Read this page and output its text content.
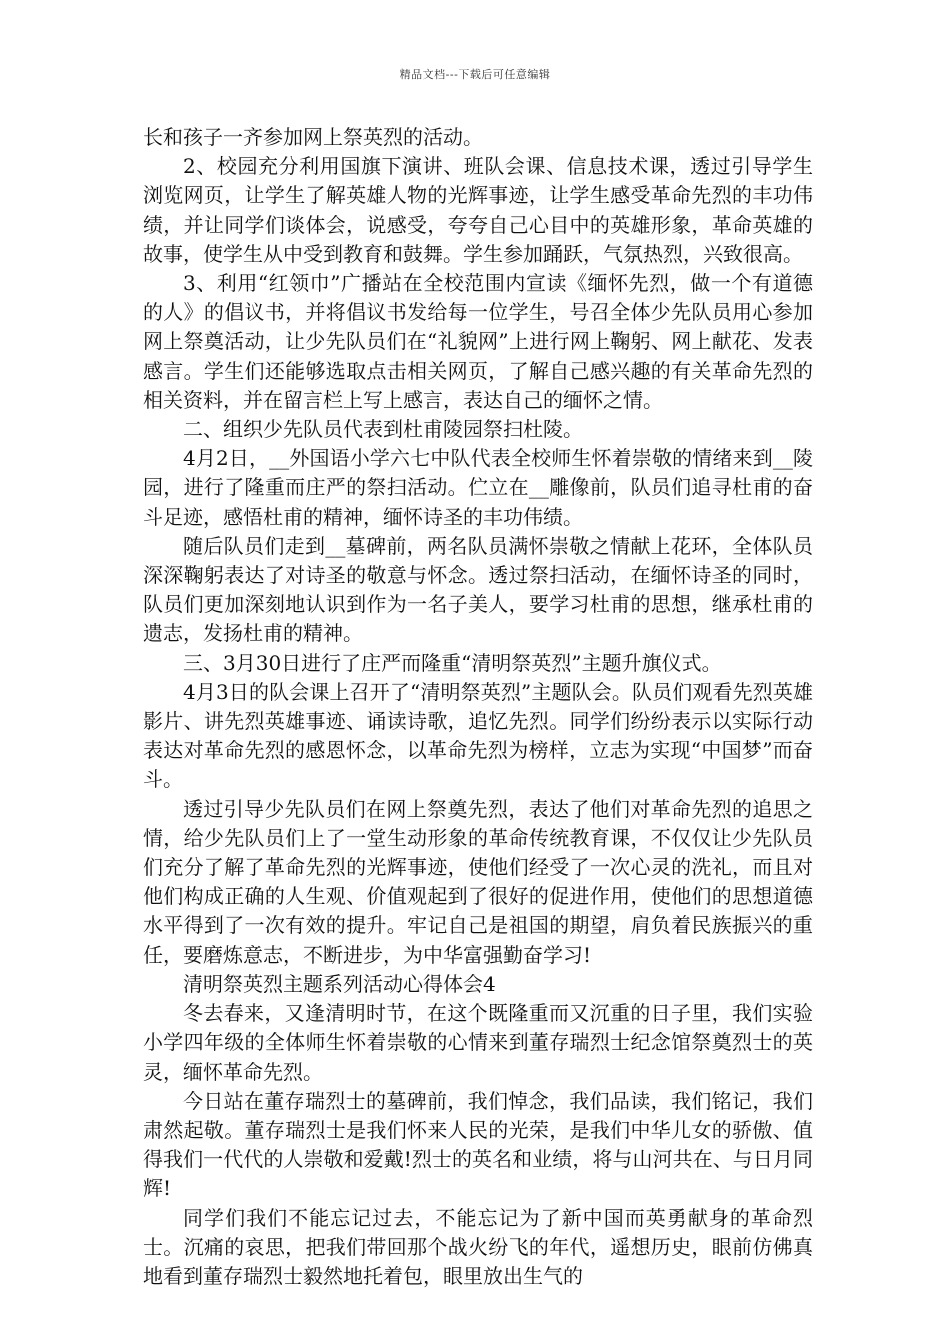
精品文档---下载后可任意编辑

长和孩子一齐参加网上祭英烈的活动。

2、校园充分利用国旗下演讲、班队会课、信息技术课，透过引导学生浏览网页，让学生了解英雄人物的光辉事迹，让学生感受革命先烈的丰功伟绩，并让同学们谈体会，说感受，夸夸自己心目中的英雄形象，革命英雄的故事，使学生从中受到教育和鼓舞。学生参加踊跃，气氛热烈，兴致很高。

3、利用“红领巾”广播站在全校范围内宣读《缅怀先烈，做一个有道德的人》的倡议书，并将倡议书发给每一位学生，号召全体少先队员用心参加网上祭奠活动，让少先队员们在“礼貌网”上进行网上鞠躬、网上献花、发表感言。学生们还能够选取点击相关网页，了解自己感兴趣的有关革命先烈的相关资料，并在留言栏上写上感言，表达自己的缅怀之情。

二、组织少先队员代表到杜甫陵园祭扫杜陵。

4月2日，__外国语小学六七中队代表全校师生怀着崇敬的情绪来到__陵园，进行了隆重而庄严的祭扫活动。伫立在__雕像前，队员们追寻杜甫的奋斗足迹，感悟杜甫的精神，缅怀诗圣的丰功伟绩。

随后队员们走到__墓碑前，两名队员满怀崇敬之情献上花环，全体队员深深鞠躬表达了对诗圣的敬意与怀念。透过祭扫活动，在缅怀诗圣的同时，队员们更加深刻地认识到作为一名子美人，要学习杜甫的思想，继承杜甫的遗志，发扬杜甫的精神。

三、3月30日进行了庄严而隆重“清明祭英烈”主题升旗仪式。

4月3日的队会课上召开了“清明祭英烈”主题队会。队员们观看先烈英雄影片、讲先烈英雄事迹、诵读诗歌，追忆先烈。同学们纷纷表示以实际行动表达对革命先烈的感恩怀念，以革命先烈为榜样，立志为实现“中国梦”而奋斗。

透过引导少先队员们在网上祭奠先烈，表达了他们对革命先烈的追思之情，给少先队员们上了一堂生动形象的革命传统教育课，不仅仅让少先队员们充分了解了革命先烈的光辉事迹，使他们经受了一次心灵的洗礼，而且对他们构成正确的人生观、价值观起到了很好的促进作用，使他们的思想道德水平得到了一次有效的提升。牢记自己是祖国的期望，肩负着民族振兴的重任，要磨炼意志，不断进步，为中华富强勤奋学习!

清明祭英烈主题系列活动心得体会4

冬去春来，又逢清明时节，在这个既隆重而又沉重的日子里，我们实验小学四年级的全体师生怀着崇敬的心情来到董存瑞烈士纪念馆祭奠烈士的英灵，缅怀革命先烈。

今日站在董存瑞烈士的墓碑前，我们悼念，我们品读，我们铭记，我们肃然起敬。董存瑞烈士是我们怀来人民的光荣，是我们中华儿女的骄傲、值得我们一代代的人崇敬和爱戴!烈士的英名和业绩，将与山河共在、与日月同辉!

同学们我们不能忘记过去，不能忘记为了新中国而英勇献身的革命烈士。沉痛的哀思，把我们带回那个战火纷飞的年代，遥想历史，眼前仿佛真地看到董存瑞烈士毅然地托着包，眼里放出生气的
